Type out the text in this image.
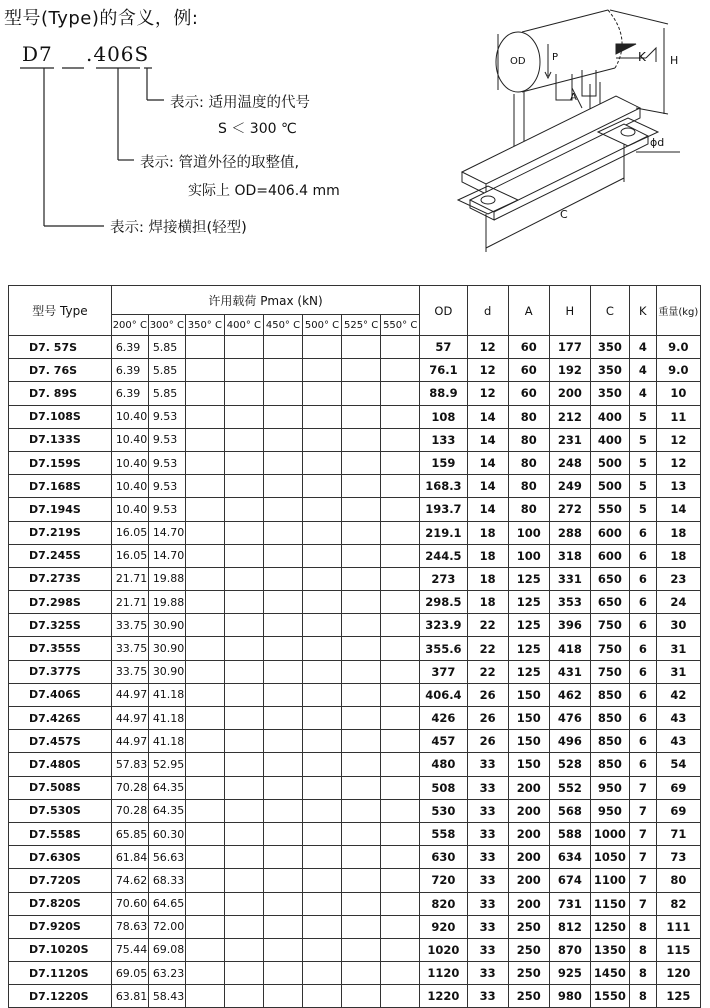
型号(Type)的含义，例:
D7 .406S
表示: 适用温度的代号
S ＜ 300 ℃
表示: 管道外径的取整值,
实际上 OD=406.4 mm
表示: 焊接横担(轻型)
OD	P	K H
A
ϕd
C
型号 Type	许用载荷 Pmax (kN)								OD	d	A	H	C	K	重量(kg)
	200° C	300° C	350° C	400° C	450° C	500° C	525° C	550° C							
D7. 57S	6.39	5.85							57	12	60	177	350	4	9.0
D7. 76S	6.39	5.85							76.1	12	60	192	350	4	9.0
D7. 89S	6.39	5.85							88.9	12	60	200	350	4	10
D7.108S	10.40	9.53							108	14	80	212	400	5	11
D7.133S	10.40	9.53							133	14	80	231	400	5	12
D7.159S	10.40	9.53							159	14	80	248	500	5	12
D7.168S	10.40	9.53							168.3	14	80	249	500	5	13
D7.194S	10.40	9.53							193.7	14	80	272	550	5	14
D7.219S	16.05	14.70							219.1	18	100	288	600	6	18
D7.245S	16.05	14.70							244.5	18	100	318	600	6	18
D7.273S	21.71	19.88							273	18	125	331	650	6	23
D7.298S	21.71	19.88							298.5	18	125	353	650	6	24
D7.325S	33.75	30.90							323.9	22	125	396	750	6	30
D7.355S	33.75	30.90							355.6	22	125	418	750	6	31
D7.377S	33.75	30.90							377	22	125	431	750	6	31
D7.406S	44.97	41.18							406.4	26	150	462	850	6	42
D7.426S	44.97	41.18							426	26	150	476	850	6	43
D7.457S	44.97	41.18							457	26	150	496	850	6	43
D7.480S	57.83	52.95							480	33	150	528	850	6	54
D7.508S	70.28	64.35							508	33	200	552	950	7	69
D7.530S	70.28	64.35							530	33	200	568	950	7	69
D7.558S	65.85	60.30							558	33	200	588	1000	7	71
D7.630S	61.84	56.63							630	33	200	634	1050	7	73
D7.720S	74.62	68.33							720	33	200	674	1100	7	80
D7.820S	70.60	64.65							820	33	200	731	1150	7	82
D7.920S	78.63	72.00							920	33	250	812	1250	8	111
D7.1020S	75.44	69.08							1020	33	250	870	1350	8	115
D7.1120S	69.05	63.23							1120	33	250	925	1450	8	120
D7.1220S	63.81	58.43							1220	33	250	980	1550	8	125
